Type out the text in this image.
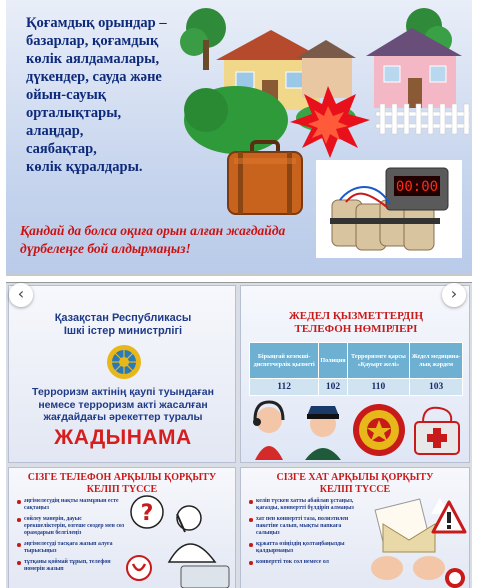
Қоғамдық орындар –
базарлар, қоғамдық
көлік аялдамалары,
дүкендер, сауда және
ойын-сауық
орталықтары,
алаңдар,
саябақтар,
көлік құралдары.
00:00
Қандай да болса оқиға орын алған жағдайда дүрбелеңге бой алдырмаңыз!
Қазақстан Республикасы
Ішкі істер министрлігі
Терроризм актінің қаупі туындаған
немесе терроризм акті жасалған
жағдайдағы әрекеттер туралы
ЖАДЫНАМА
ЖЕДЕЛ ҚЫЗМЕТТЕРДІҢ
ТЕЛЕФОН НӨМІРЛЕРІ
Бірыңғай кезекші-диспетчерлік қызметі	Полиция	Терроризмге қарсы «Қауырт желі»	Жедел медицина-лық жәрдем
112	102	110	103
СІЗГЕ ТЕЛЕФОН АРҚЫЛЫ ҚОРҚЫТУ
КЕЛІП ТҮССЕ
әңгімелесудің нақты мазмұнын есте сақтаңыз
сөйлеу мәнерін, дауыс ерекшеліктерін, өзгеше сөздер мен сөз орамдарын белгілеңіз
әңгімелесуді тасқаға жазып алуға тырысыңыз
тұтқаны қоймай тұрып, телефон номерін жазып
?
СІЗГЕ ХАТ АРҚЫЛЫ ҚОРҚЫТУ
КЕЛІП ТҮССЕ
келіп түскен хатты абайлап ұстаңыз, қағазды, конвертті бүлдіріп алмаңыз
хат пен конвертті таза, полиэтилен пакетіне салып, мықты папкаға салыңыз
құжатта өзіңіздің қолтаңбаңызды қалдырмаңыз
конвертті ток сол немесе ол
‹	›
